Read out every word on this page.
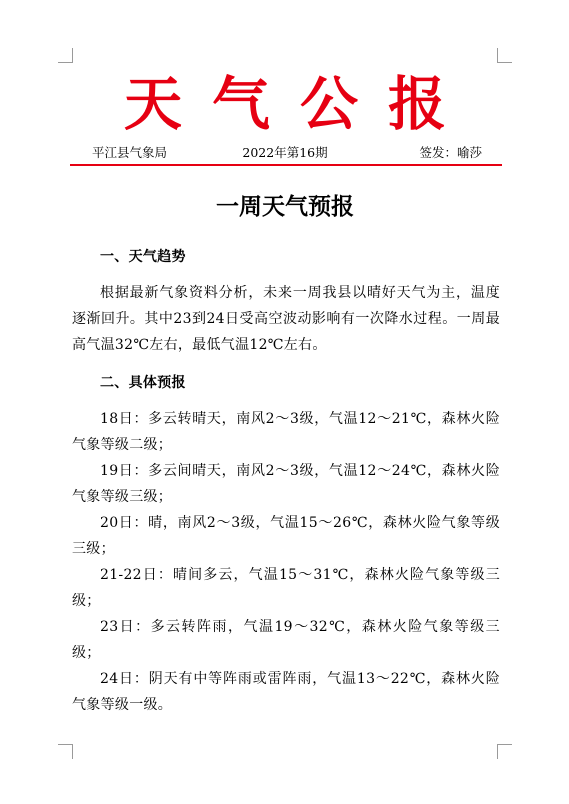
天气公报
平江县气象局	2022年第16期	签发：喻莎
一周天气预报

一、天气趋势

根据最新气象资料分析，未来一周我县以晴好天气为主，温度逐渐回升。其中23到24日受高空波动影响有一次降水过程。一周最高气温32℃左右，最低气温12℃左右。

二、具体预报

18日：多云转晴天，南风2～3级，气温12～21℃，森林火险气象等级二级；

19日：多云间晴天，南风2～3级，气温12～24℃，森林火险气象等级三级；

20日：晴，南风2～3级，气温15～26℃，森林火险气象等级三级；

21-22日：晴间多云，气温15～31℃，森林火险气象等级三级；

23日：多云转阵雨，气温19～32℃，森林火险气象等级三级；

24日：阴天有中等阵雨或雷阵雨，气温13～22℃，森林火险气象等级一级。
